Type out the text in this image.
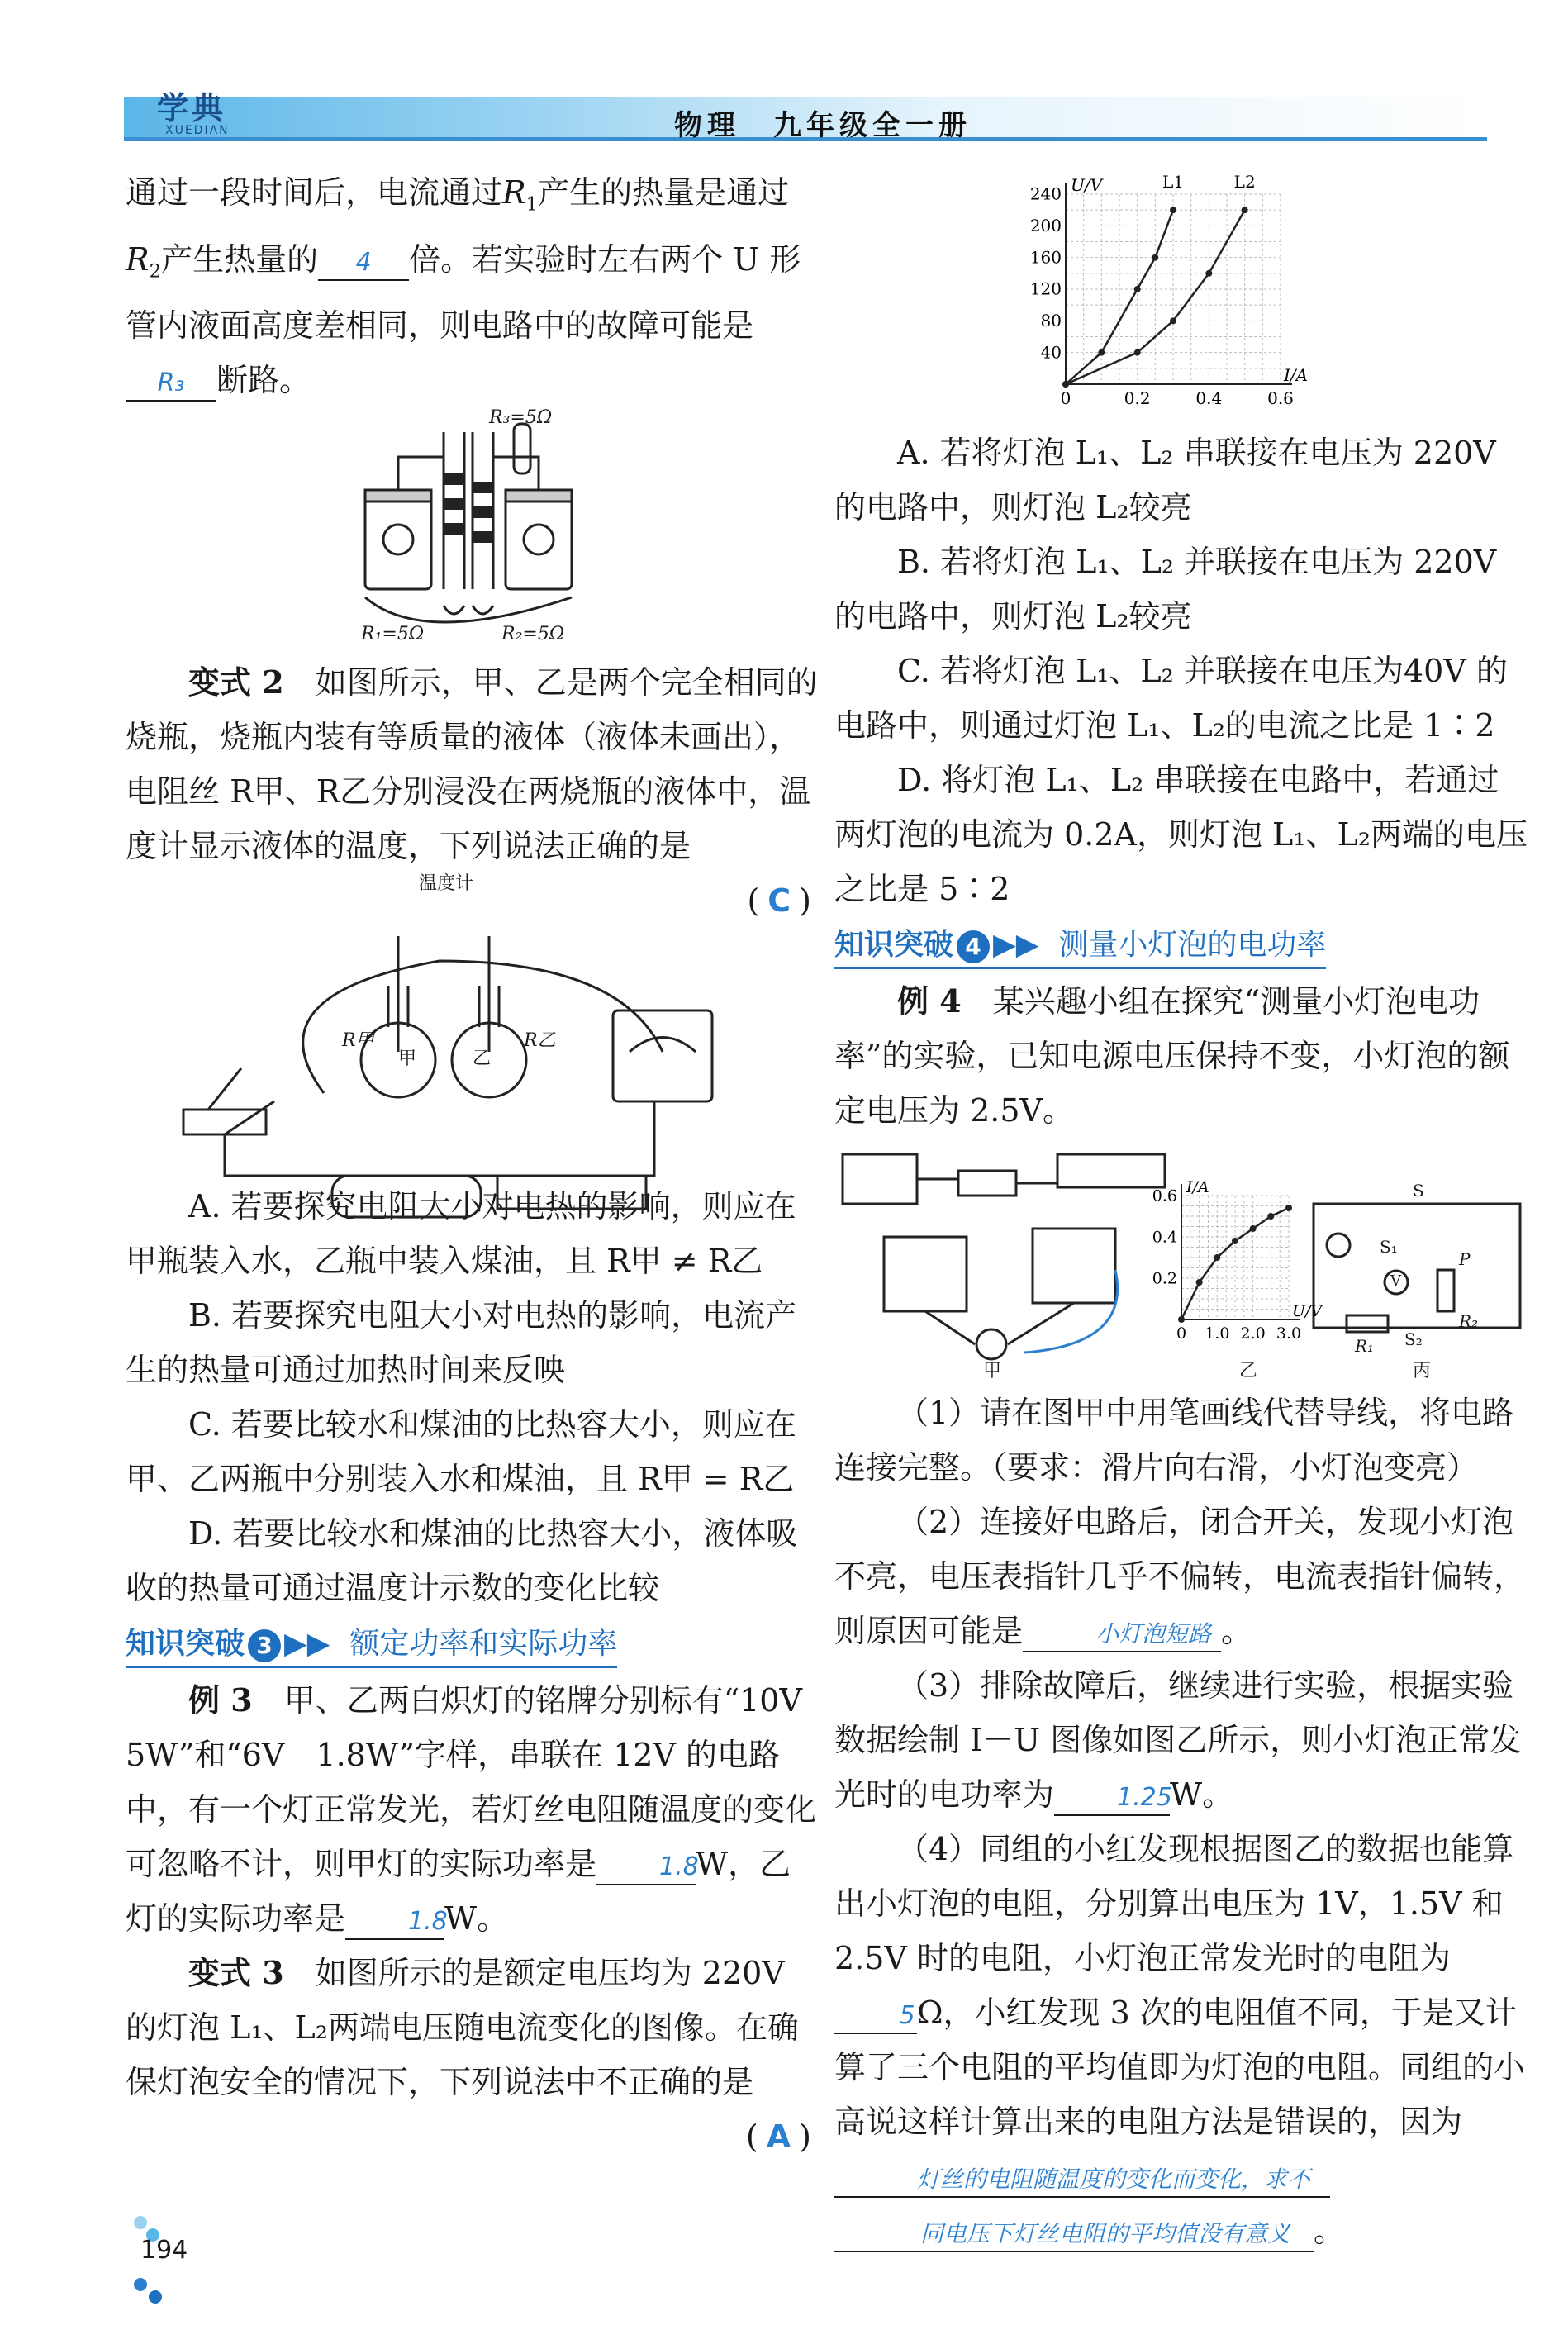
学典
XUEDIAN	物理　九年级全一册

通过一段时间后，电流通过$R_1$产生的热量是通过$R_2$产生热量的 4 倍。若实验时左右两个 U 形管内液面高度差相同，则电路中的故障可能是R₃ 断路。

R₃=5Ω
R₁=5Ω	R₂=5Ω

变式 2　 如图所示，甲、乙是两个完全相同的烧瓶，烧瓶内装有等质量的液体（液体未画出），电阻丝 R甲、R乙分别浸没在两烧瓶的液体中，温度计显示液体的温度，下列说法正确的是
(C)

温度计
R甲
甲	乙
R乙

A. 若要探究电阻大小对电热的影响，则应在甲瓶装入水，乙瓶中装入煤油，且 R甲 ≠ R乙

B. 若要探究电阻大小对电热的影响，电流产生的热量可通过加热时间来反映

C. 若要比较水和煤油的比热容大小，则应在甲、乙两瓶中分别装入水和煤油，且 R甲 = R乙

D. 若要比较水和煤油的比热容大小，液体吸收的热量可通过温度计示数的变化比较

知识突破 3 ▶▶ 额定功率和实际功率

例 3　 甲、乙两白炽灯的铭牌分别标有“10V　5W”和“6V　1.8W”字样，串联在 12V 的电路中，有一个灯正常发光，若灯丝电阻随温度的变化可忽略不计，则甲灯的实际功率是	1.8W，乙灯的实际功率是	1.8W。

变式 3　 如图所示的是额定电压均为 220V 的灯泡 L₁、L₂两端电压随电流变化的图像。在确保灯泡安全的情况下，下列说法中不正确的是
(A)

0	0.2	0.4	0.6
40
80
120
160
200
240
I/A
U/V	L1	L2

A. 若将灯泡 L₁、L₂ 串联接在电压为 220V 的电路中，则灯泡 L₂较亮

B. 若将灯泡 L₁、L₂ 并联接在电压为 220V 的电路中，则灯泡 L₂较亮

C. 若将灯泡 L₁、L₂ 并联接在电压为40V 的电路中，则通过灯泡 L₁、L₂的电流之比是 1∶2

D. 将灯泡 L₁、L₂ 串联接在电路中，若通过两灯泡的电流为 0.2A，则灯泡 L₁、L₂两端的电压之比是 5∶2

知识突破 4 ▶▶ 测量小灯泡的电功率

例 4　 某兴趣小组在探究“测量小灯泡电功率”的实验，已知电源电压保持不变，小灯泡的额定电压为 2.5V。

0 1.0 2.0 3.0
0.2
0.4
0.6
U/V
I/A
甲	乙	丙
S
S₁
S₂
V
P
R₁
R₂

（1）请在图甲中用笔画线代替导线，将电路连接完整。（要求：滑片向右滑，小灯泡变亮）

（2）连接好电路后，闭合开关，发现小灯泡不亮，电压表指针几乎不偏转，电流表指针偏转，则原因可能是	小灯泡短路 。

（3）排除故障后，继续进行实验，根据实验数据绘制 I－U 图像如图乙所示，则小灯泡正常发光时的电功率为	1.25W。

（4）同组的小红发现根据图乙的数据也能算出小灯泡的电阻，分别算出电压为 1V，1.5V 和 2.5V 时的电阻，小灯泡正常发光时的电阻为5Ω，小红发现 3 次的电阻值不同，于是又计算了三个电阻的平均值即为灯泡的电阻。同组的小高说这样计算出来的电阻方法是错误的，因为灯丝的电阻随温度的变化而变化，求不同电压下灯丝电阻的平均值没有意义 。

194
